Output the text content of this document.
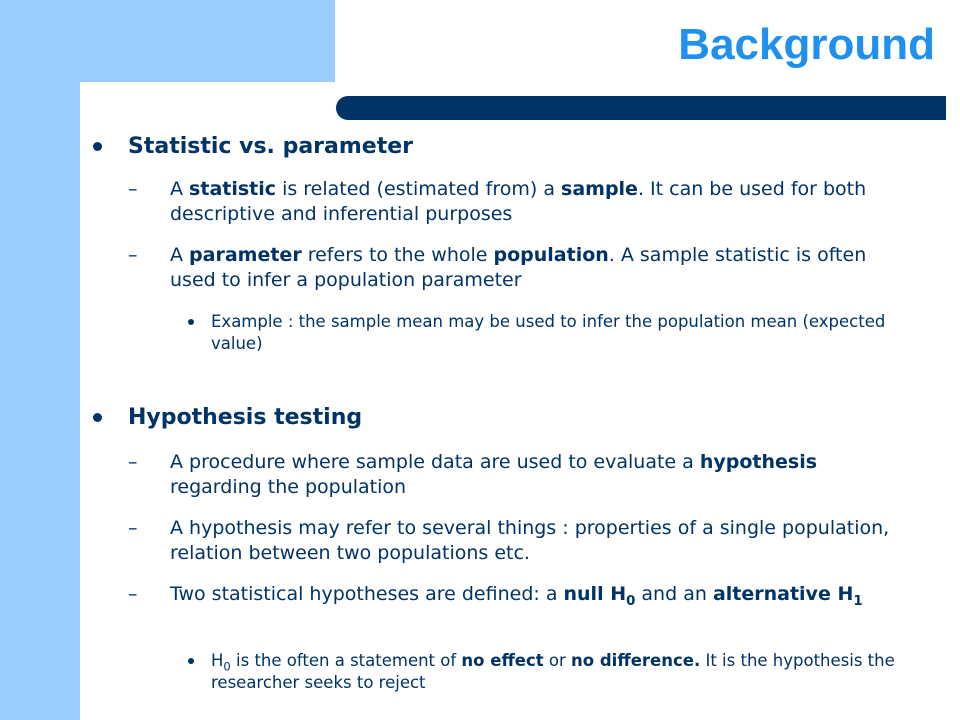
Background
Statistic vs. parameter
– A statistic is related (estimated from) a sample. It can be used for both descriptive and inferential purposes
– A parameter refers to the whole population. A sample statistic is often used to infer a population parameter
Example : the sample mean may be used to infer the population mean (expected value)
Hypothesis testing
– A procedure where sample data are used to evaluate a hypothesis regarding the population
– A hypothesis may refer to several things : properties of a single population, relation between two populations etc.
– Two statistical hypotheses are defined: a null $H_0$ and an alternative $H_1$
$H_0$ is the often a statement of no effect or no difference. It is the hypothesis the researcher seeks to reject
